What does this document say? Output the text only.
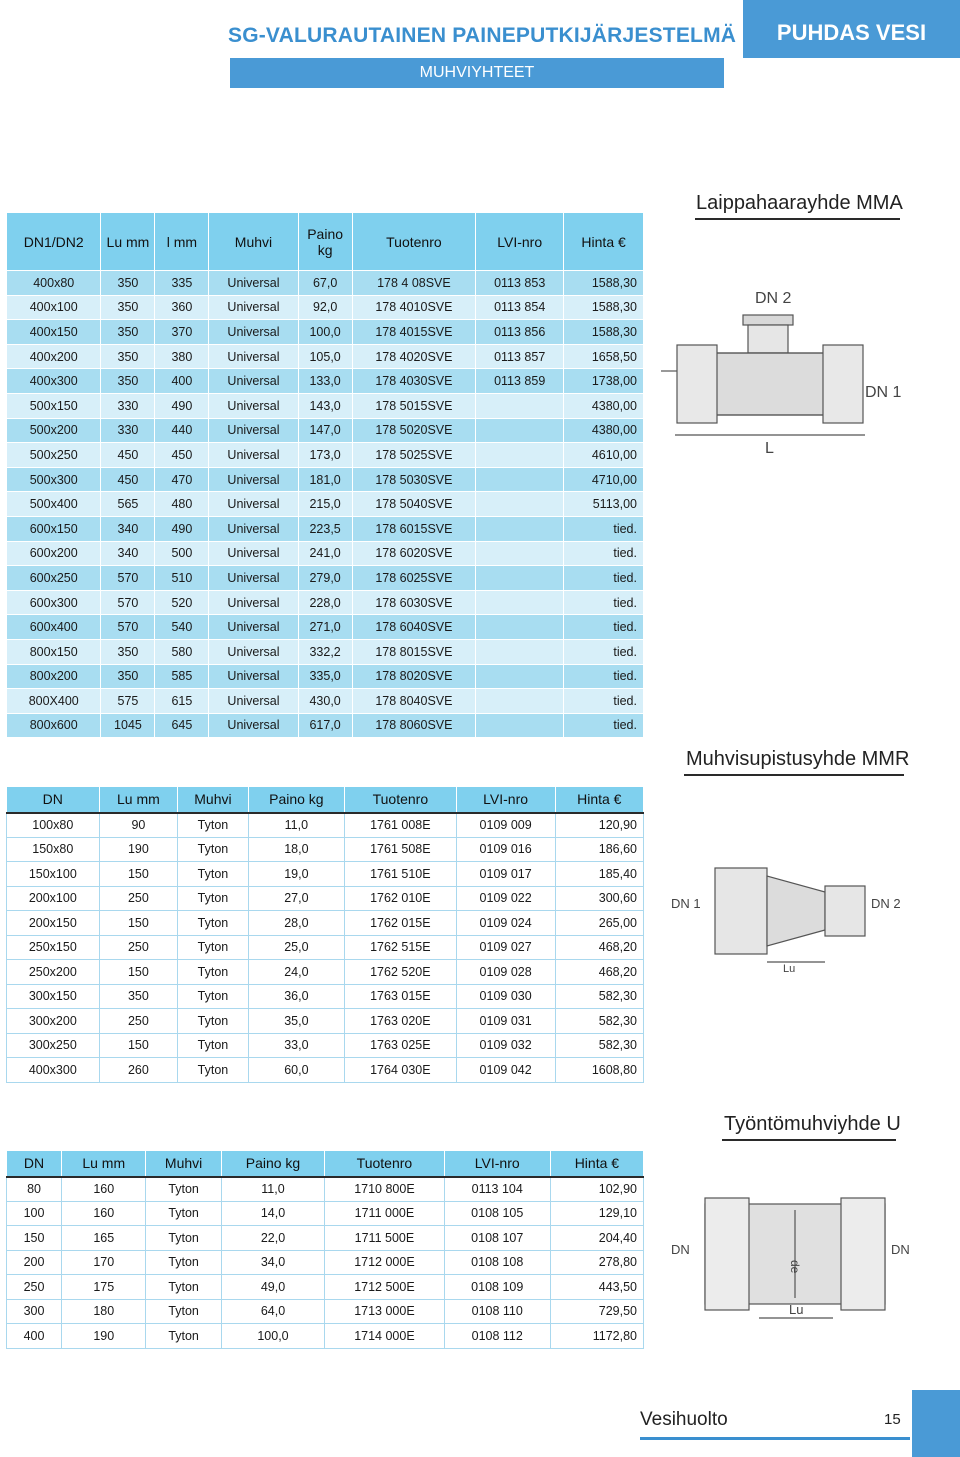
SG-VALURAUTAINEN PAINEPUTKIJÄRJESTELMÄ
MUHVIYHTEET
PUHDAS VESI
DN1/DN2	Lu mm	l mm	Muhvi	Paino kg	Tuotenro	LVI-nro	Hinta €
400x80	350	335	Universal	67,0	178 4 08SVE	0113 853	1588,30
400x100	350	360	Universal	92,0	178 4010SVE	0113 854	1588,30
400x150	350	370	Universal	100,0	178 4015SVE	0113 856	1588,30
400x200	350	380	Universal	105,0	178 4020SVE	0113 857	1658,50
400x300	350	400	Universal	133,0	178 4030SVE	0113 859	1738,00
500x150	330	490	Universal	143,0	178 5015SVE		4380,00
500x200	330	440	Universal	147,0	178 5020SVE		4380,00
500x250	450	450	Universal	173,0	178 5025SVE		4610,00
500x300	450	470	Universal	181,0	178 5030SVE		4710,00
500x400	565	480	Universal	215,0	178 5040SVE		5113,00
600x150	340	490	Universal	223,5	178 6015SVE		tied.
600x200	340	500	Universal	241,0	178 6020SVE		tied.
600x250	570	510	Universal	279,0	178 6025SVE		tied.
600x300	570	520	Universal	228,0	178 6030SVE		tied.
600x400	570	540	Universal	271,0	178 6040SVE		tied.
800x150	350	580	Universal	332,2	178 8015SVE		tied.
800x200	350	585	Universal	335,0	178 8020SVE		tied.
800X400	575	615	Universal	430,0	178 8040SVE		tied.
800x600	1045	645	Universal	617,0	178 8060SVE		tied.
Laippahaarayhde MMA
DN 2
DN 1
L
Muhvisupistusyhde MMR
DN	Lu mm	Muhvi	Paino kg	Tuotenro	LVI-nro	Hinta €
100x80	90	Tyton	11,0	1761 008E	0109 009	120,90
150x80	190	Tyton	18,0	1761 508E	0109 016	186,60
150x100	150	Tyton	19,0	1761 510E	0109 017	185,40
200x100	250	Tyton	27,0	1762 010E	0109 022	300,60
200x150	150	Tyton	28,0	1762 015E	0109 024	265,00
250x150	250	Tyton	25,0	1762 515E	0109 027	468,20
250x200	150	Tyton	24,0	1762 520E	0109 028	468,20
300x150	350	Tyton	36,0	1763 015E	0109 030	582,30
300x200	250	Tyton	35,0	1763 020E	0109 031	582,30
300x250	150	Tyton	33,0	1763 025E	0109 032	582,30
400x300	260	Tyton	60,0	1764 030E	0109 042	1608,80
DN 1	DN 2
Lu
Työntömuhviyhde U
DN	Lu mm	Muhvi	Paino kg	Tuotenro	LVI-nro	Hinta €
80	160	Tyton	11,0	1710 800E	0113 104	102,90
100	160	Tyton	14,0	1711 000E	0108 105	129,10
150	165	Tyton	22,0	1711 500E	0108 107	204,40
200	170	Tyton	34,0	1712 000E	0108 108	278,80
250	175	Tyton	49,0	1712 500E	0108 109	443,50
300	180	Tyton	64,0	1713 000E	0108 110	729,50
400	190	Tyton	100,0	1714 000E	0108 112	1172,80
DN	DN
de
Lu
Vesihuolto	15
